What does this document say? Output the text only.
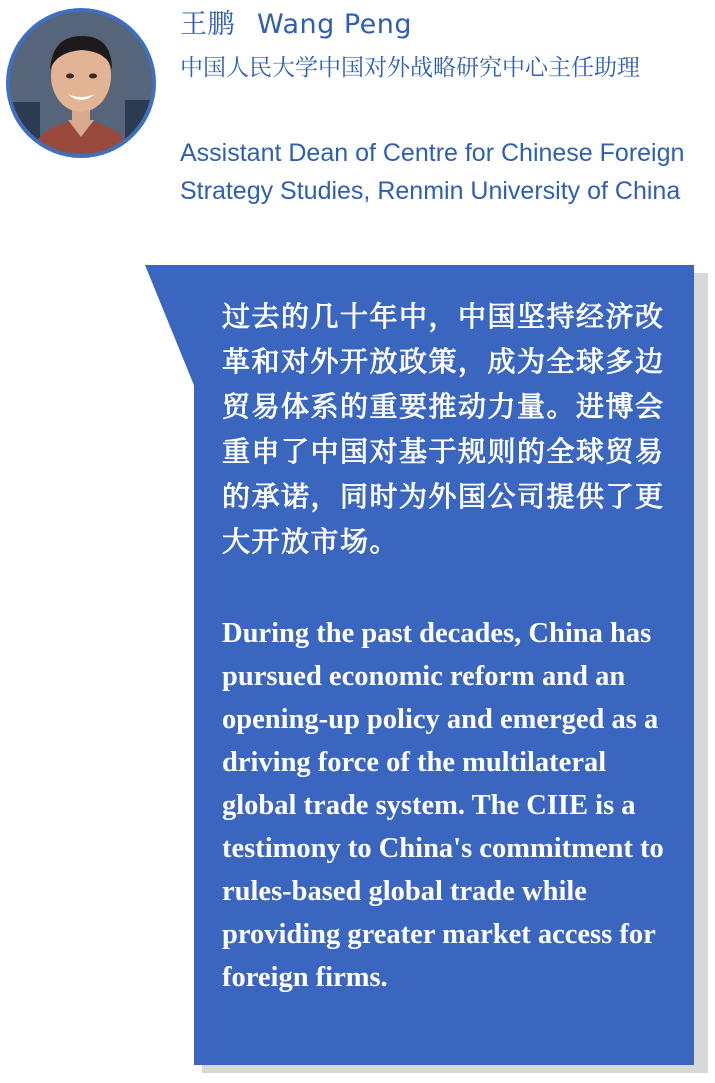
王鹏 Wang Peng
中国人民大学中国对外战略研究中心主任助理
Assistant Dean of Centre for Chinese Foreign Strategy Studies, Renmin University of China
过去的几十年中，中国坚持经济改革和对外开放政策，成为全球多边贸易体系的重要推动力量。进博会重申了中国对基于规则的全球贸易的承诺，同时为外国公司提供了更大开放市场。
During the past decades, China has pursued economic reform and an opening-up policy and emerged as a driving force of the multilateral global trade system. The CIIE is a testimony to China's commitment to rules-based global trade while providing greater market access for foreign firms.
